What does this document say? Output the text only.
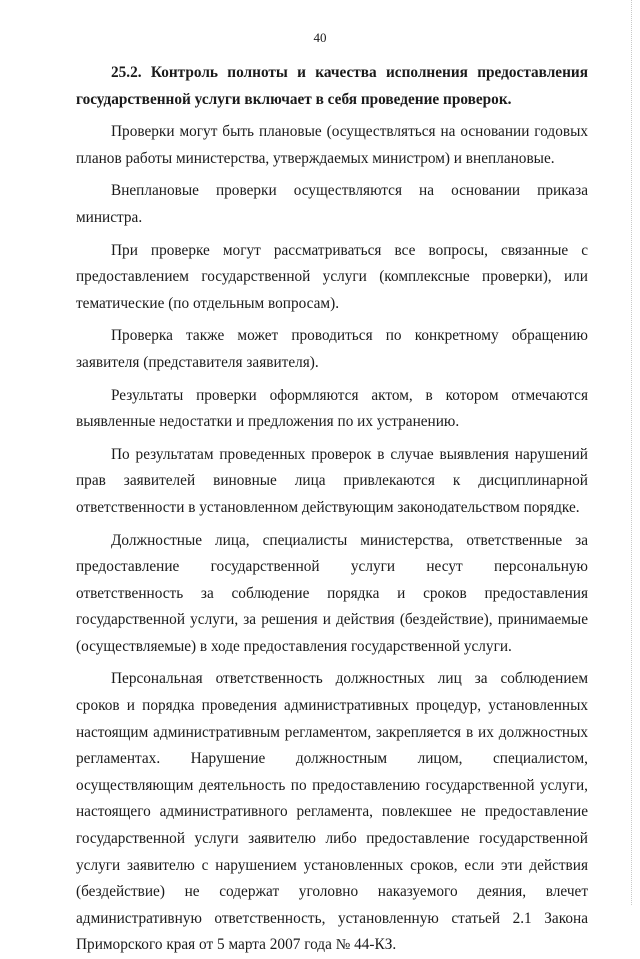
40

25.2. Контроль полноты и качества исполнения предоставления государственной услуги включает в себя проведение проверок.

Проверки могут быть плановые (осуществляться на основании годовых планов работы министерства, утверждаемых министром) и внеплановые.

Внеплановые проверки осуществляются на основании приказа министра.

При проверке могут рассматриваться все вопросы, связанные с предоставлением государственной услуги (комплексные проверки), или тематические (по отдельным вопросам).

Проверка также может проводиться по конкретному обращению заявителя (представителя заявителя).

Результаты проверки оформляются актом, в котором отмечаются выявленные недостатки и предложения по их устранению.

По результатам проведенных проверок в случае выявления нарушений прав заявителей виновные лица привлекаются к дисциплинарной ответственности в установленном действующим законодательством порядке.

Должностные лица, специалисты министерства, ответственные за предоставление государственной услуги несут персональную ответственность за соблюдение порядка и сроков предоставления государственной услуги, за решения и действия (бездействие), принимаемые (осуществляемые) в ходе предоставления государственной услуги.

Персональная ответственность должностных лиц за соблюдением сроков и порядка проведения административных процедур, установленных настоящим административным регламентом, закрепляется в их должностных регламентах. Нарушение должностным лицом, специалистом, осуществляющим деятельность по предоставлению государственной услуги, настоящего административного регламента, повлекшее не предоставление государственной услуги заявителю либо предоставление государственной услуги заявителю с нарушением установленных сроков, если эти действия (бездействие) не содержат уголовно наказуемого деяния, влечет административную ответственность, установленную статьей 2.1 Закона Приморского края от 5 марта 2007 года № 44-КЗ.
